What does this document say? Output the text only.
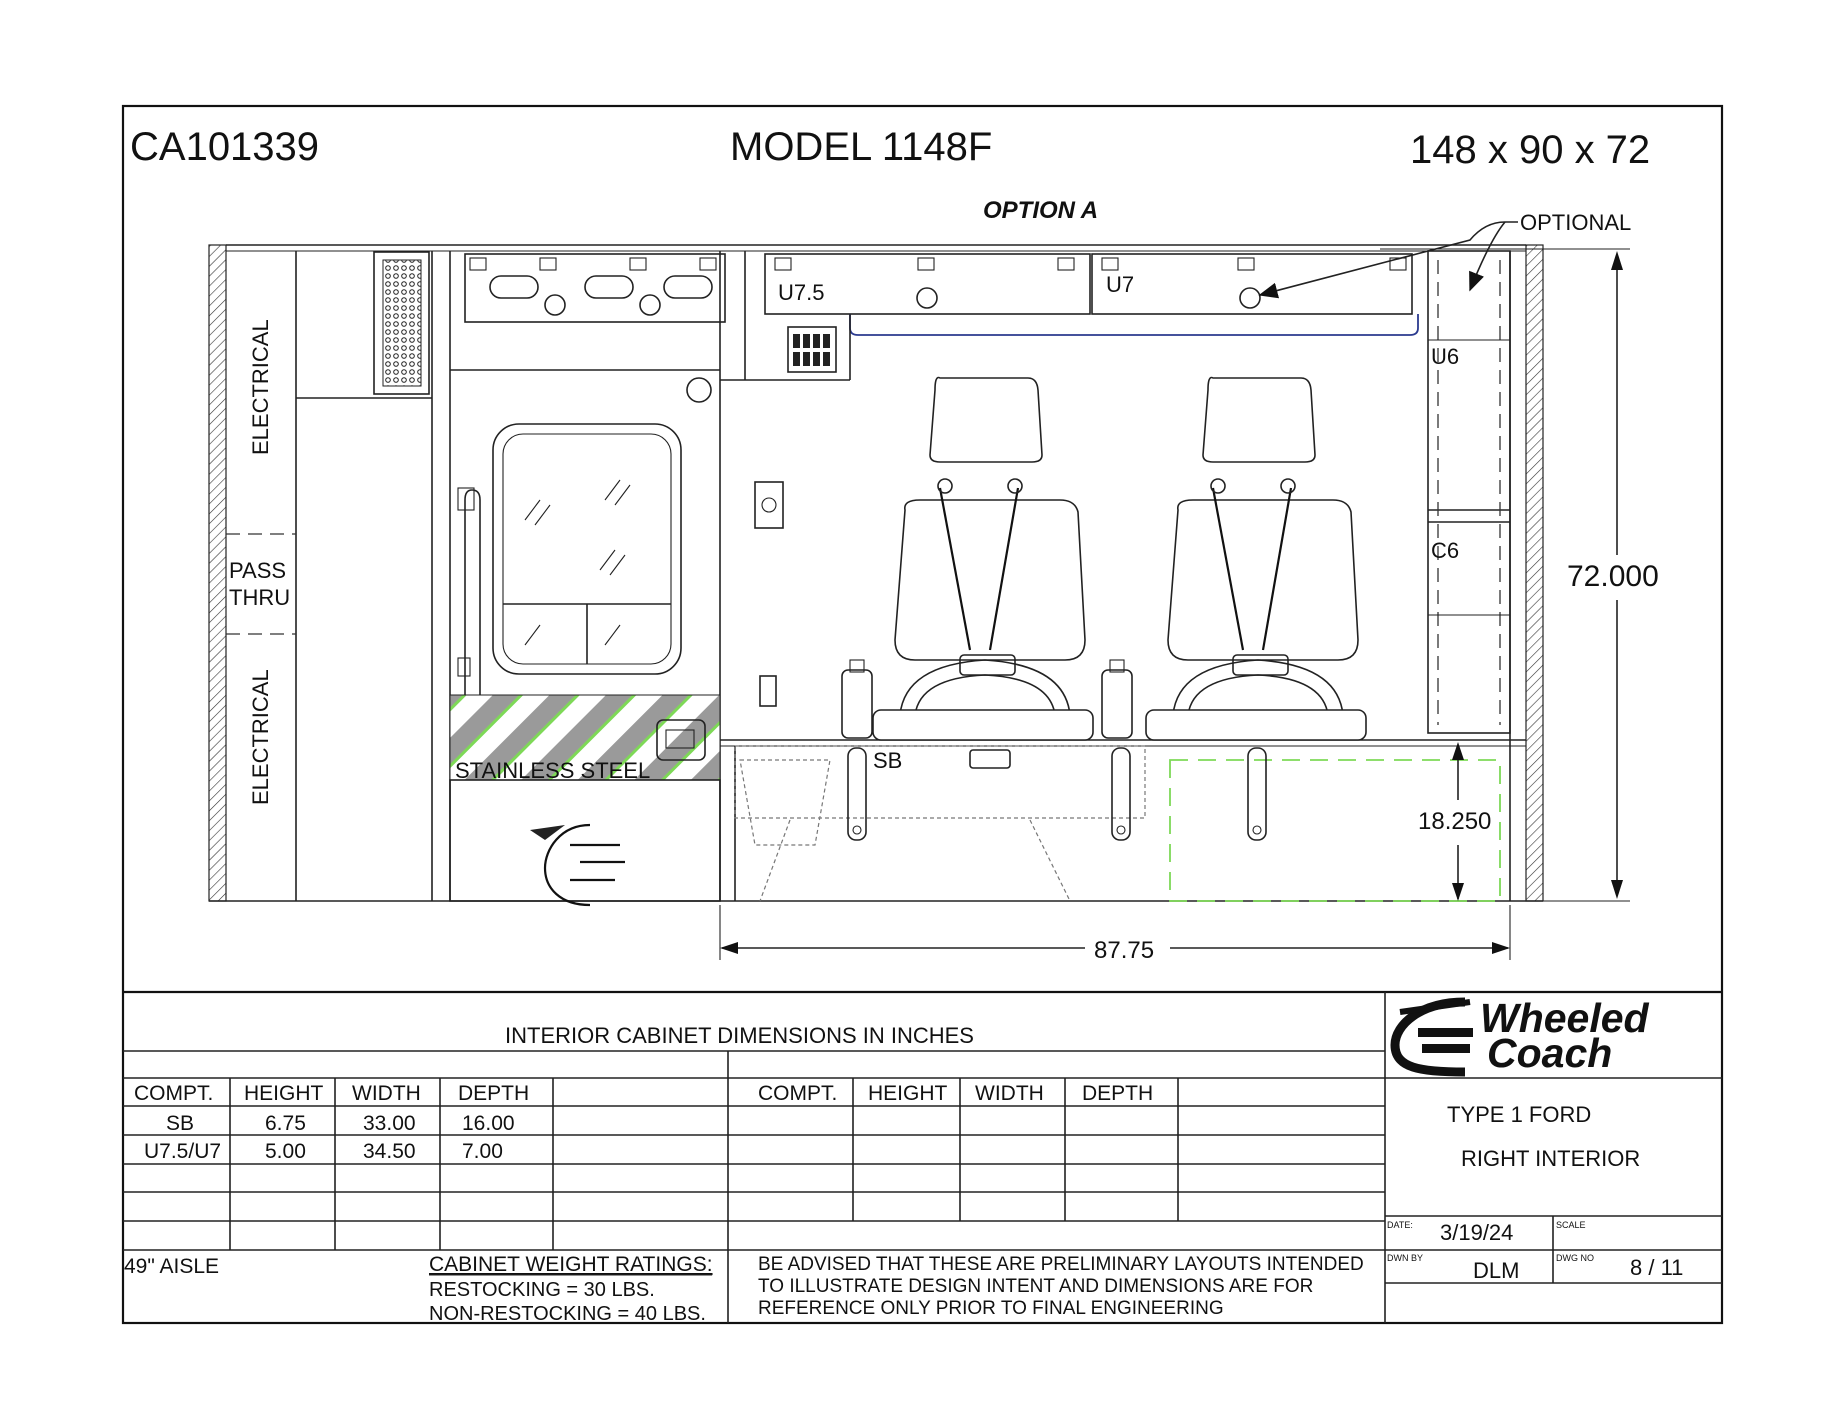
CA101339	MODEL 1148F	148 x 90 x 72
OPTION A
ELECTRICAL
PASS
THRU
ELECTRICAL	STAINLESS STEEL
U7.5	U7
U6
C6
SB
OPTIONAL
72.000
18.250
87.75
INTERIOR CABINET DIMENSIONS IN INCHES
COMPT. HEIGHT WIDTH DEPTH	COMPT. HEIGHT WIDTH DEPTH
SB	6.75	33.00 16.00
U7.5/U7 5.00	34.50 7.00
49" AISLE	CABINET WEIGHT RATINGS:
RESTOCKING = 30 LBS.
NON-RESTOCKING = 40 LBS.
BE ADVISED THAT THESE ARE PRELIMINARY LAYOUTS INTENDED
TO ILLUSTRATE DESIGN INTENT AND DIMENSIONS ARE FOR
REFERENCE ONLY PRIOR TO FINAL ENGINEERING
Wheeled
Coach
TYPE 1 FORD
RIGHT INTERIOR
DATE: 3/19/24	SCALE
DWN BY DLM	DWG NO 8 / 11
